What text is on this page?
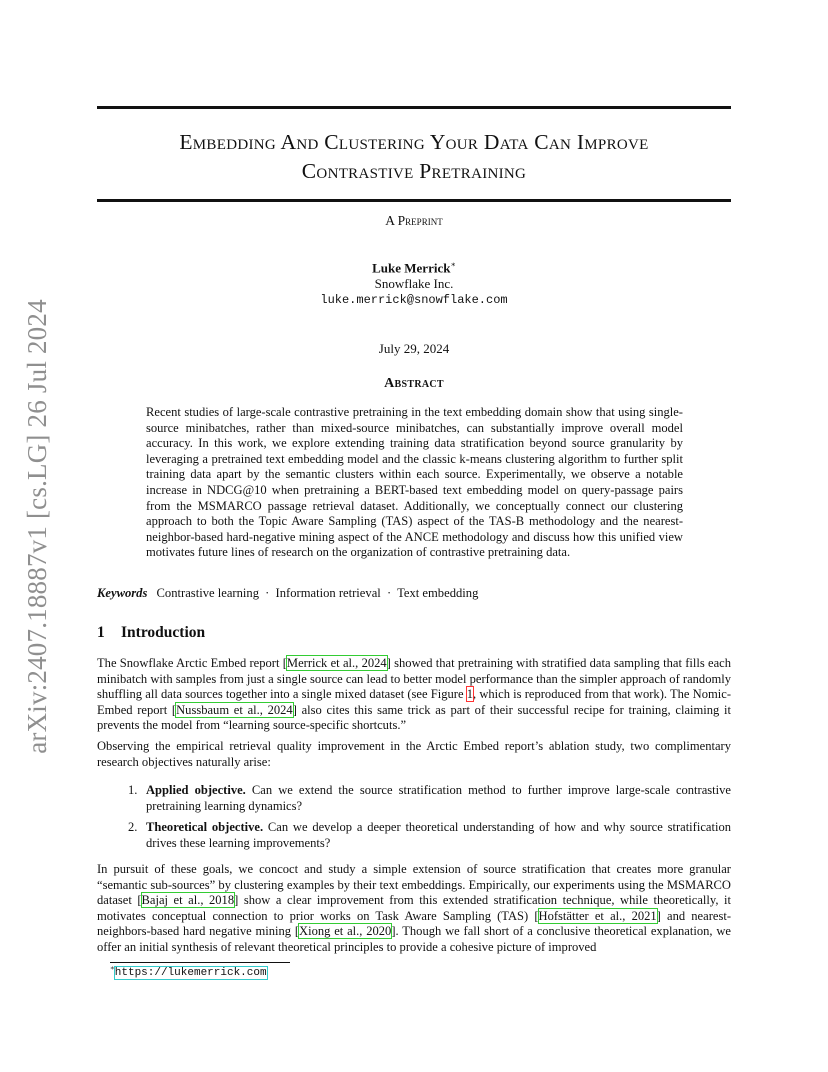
arXiv:2407.18887v1 [cs.LG] 26 Jul 2024
Embedding And Clustering Your Data Can Improve
Contrastive Pretraining
A Preprint
Luke Merrick∗
Snowflake Inc.
luke.merrick@snowflake.com
July 29, 2024
Abstract
Recent studies of large-scale contrastive pretraining in the text embedding domain show that using single-source minibatches, rather than mixed-source minibatches, can substantially improve overall model accuracy. In this work, we explore extending training data stratification beyond source granularity by leveraging a pretrained text embedding model and the classic k-means clustering algorithm to further split training data apart by the semantic clusters within each source. Experimentally, we observe a notable increase in NDCG@10 when pretraining a BERT-based text embedding model on query-passage pairs from the MSMARCO passage retrieval dataset. Additionally, we conceptually connect our clustering approach to both the Topic Aware Sampling (TAS) aspect of the TAS-B methodology and the nearest-neighbor-based hard-negative mining aspect of the ANCE methodology and discuss how this unified view motivates future lines of research on the organization of contrastive pretraining data.
Keywords Contrastive learning · Information retrieval · Text embedding
1 Introduction
The Snowflake Arctic Embed report [Merrick et al., 2024] showed that pretraining with stratified data sampling that fills each minibatch with samples from just a single source can lead to better model performance than the simpler approach of randomly shuffling all data sources together into a single mixed dataset (see Figure 1, which is reproduced from that work). The Nomic-Embed report [Nussbaum et al., 2024] also cites this same trick as part of their successful recipe for training, claiming it prevents the model from “learning source-specific shortcuts.”
Observing the empirical retrieval quality improvement in the Arctic Embed report’s ablation study, two complimentary research objectives naturally arise:
1. Applied objective. Can we extend the source stratification method to further improve large-scale contrastive pretraining learning dynamics?
2. Theoretical objective. Can we develop a deeper theoretical understanding of how and why source stratification drives these learning improvements?
In pursuit of these goals, we concoct and study a simple extension of source stratification that creates more granular “semantic sub-sources” by clustering examples by their text embeddings. Empirically, our experiments using the MSMARCO dataset [Bajaj et al., 2018] show a clear improvement from this extended stratification technique, while theoretically, it motivates conceptual connection to prior works on Task Aware Sampling (TAS) [Hofstätter et al., 2021] and nearest-neighbors-based hard negative mining [Xiong et al., 2020]. Though we fall short of a conclusive theoretical explanation, we offer an initial synthesis of relevant theoretical principles to provide a cohesive picture of improved
∗https://lukemerrick.com
